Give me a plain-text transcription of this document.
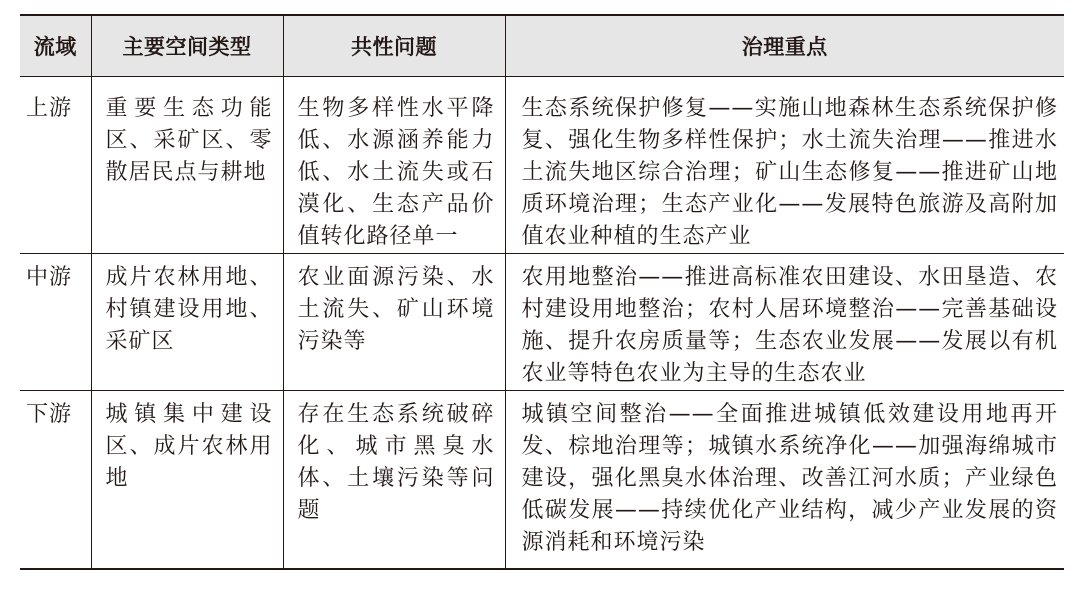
流域	主要空间类型	共性问题	治理重点
上游	重要生态功能区、采矿区、零散居民点与耕地	生物多样性水平降低、水源涵养能力低、水土流失或石漠化、生态产品价值转化路径单一	生态系统保护修复——实施山地森林生态系统保护修复、强化生物多样性保护；水土流失治理——推进水土流失地区综合治理；矿山生态修复——推进矿山地质环境治理；生态产业化——发展特色旅游及高附加值农业种植的生态产业
中游	成片农林用地、村镇建设用地、采矿区	农业面源污染、水土流失、矿山环境污染等	农用地整治——推进高标准农田建设、水田垦造、农村建设用地整治；农村人居环境整治——完善基础设施、提升农房质量等；生态农业发展——发展以有机农业等特色农业为主导的生态农业
下游	城镇集中建设区、成片农林用地	存在生态系统破碎化、城市黑臭水体、土壤污染等问题	城镇空间整治——全面推进城镇低效建设用地再开发、棕地治理等；城镇水系统净化——加强海绵城市建设，强化黑臭水体治理、改善江河水质；产业绿色低碳发展——持续优化产业结构，减少产业发展的资源消耗和环境污染
